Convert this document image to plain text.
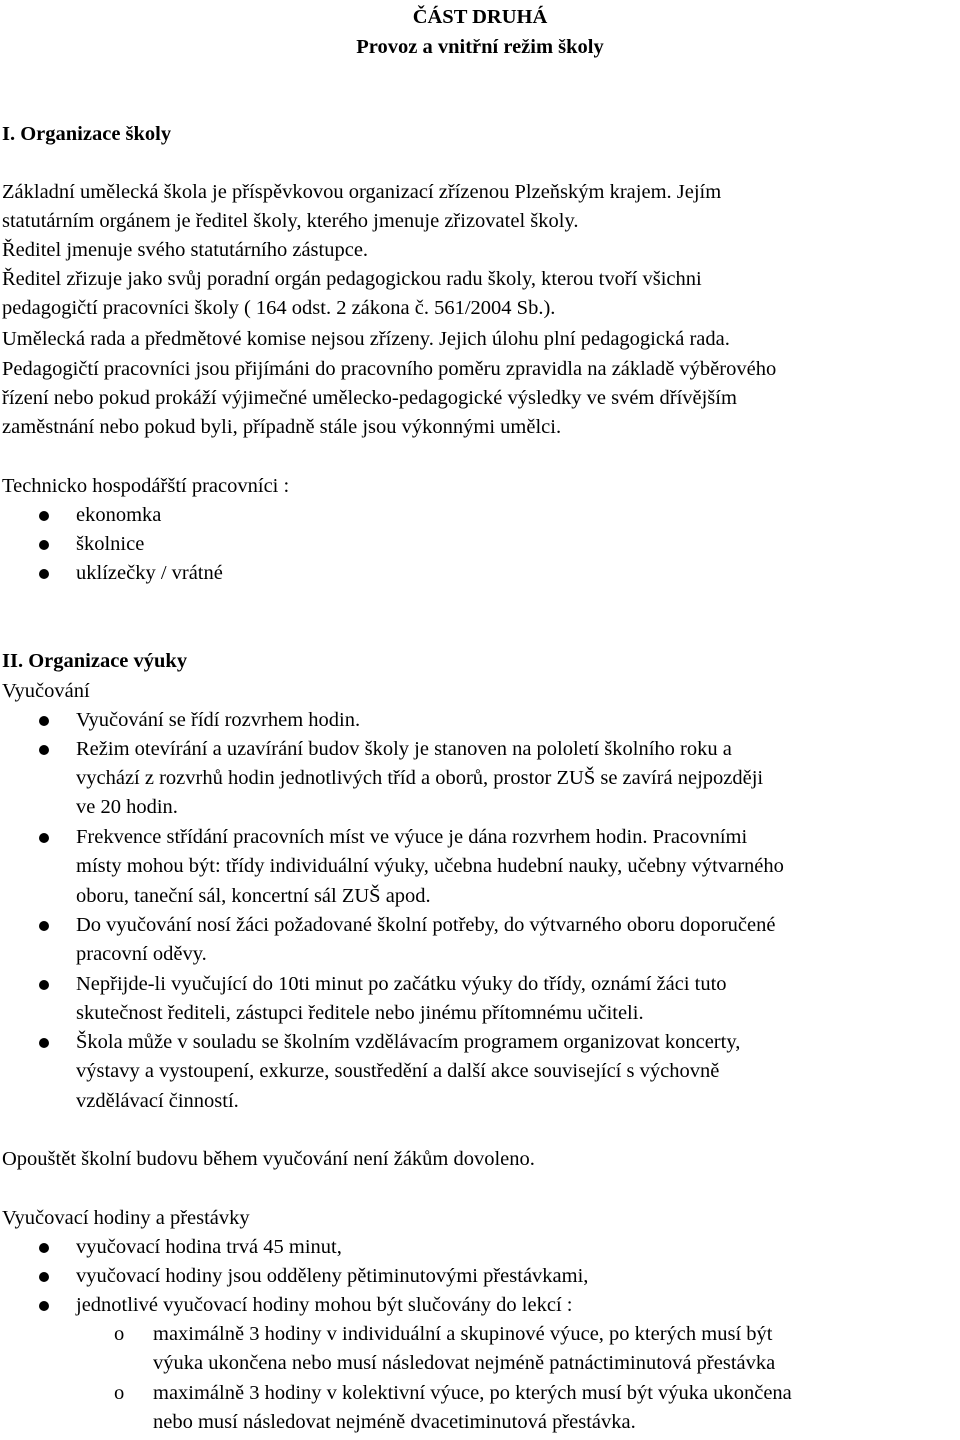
ČÁST DRUHÁ
Provoz a vnitřní režim školy
I. Organizace školy
Základní umělecká škola je příspěvkovou organizací zřízenou Plzeňským krajem. Jejím
statutárním orgánem je ředitel školy, kterého jmenuje zřizovatel školy.
Ředitel jmenuje svého statutárního zástupce.
Ředitel zřizuje jako svůj poradní orgán pedagogickou radu školy, kterou tvoří všichni
pedagogičtí pracovníci školy ( 164 odst. 2 zákona č. 561/2004 Sb.).
Umělecká rada a předmětové komise nejsou zřízeny. Jejich úlohu plní pedagogická rada.
Pedagogičtí pracovníci jsou přijímáni do pracovního poměru zpravidla na základě výběrového
řízení nebo pokud prokáží výjimečné umělecko-pedagogické výsledky ve svém dřívějším
zaměstnání nebo pokud byli, případně stále jsou výkonnými umělci.
Technicko hospodářští pracovníci :
ekonomka
školnice
uklízečky / vrátné
II. Organizace výuky
Vyučování
Vyučování se řídí rozvrhem hodin.
Režim otevírání a uzavírání budov školy je stanoven na pololetí školního roku a
vychází z rozvrhů hodin jednotlivých tříd a oborů, prostor ZUŠ se zavírá nejpozději
ve 20 hodin.
Frekvence střídání pracovních míst ve výuce je dána rozvrhem hodin. Pracovními
místy mohou být: třídy individuální výuky, učebna hudební nauky, učebny výtvarného
oboru, taneční sál, koncertní sál ZUŠ apod.
Do vyučování nosí žáci požadované školní potřeby, do výtvarného oboru doporučené
pracovní oděvy.
Nepřijde-li vyučující do 10ti minut po začátku výuky do třídy, oznámí žáci tuto
skutečnost řediteli, zástupci ředitele nebo jinému přítomnému učiteli.
Škola může v souladu se školním vzdělávacím programem organizovat koncerty,
výstavy a vystoupení, exkurze, soustředění a další akce související s výchovně
vzdělávací činností.
Opouštět školní budovu během vyučování není žákům dovoleno.
Vyučovací hodiny a přestávky
vyučovací hodina trvá 45 minut,
vyučovací hodiny jsou odděleny pětiminutovými přestávkami,
jednotlivé vyučovací hodiny mohou být slučovány do lekcí :
o maximálně 3 hodiny v individuální a skupinové výuce, po kterých musí být
výuka ukončena nebo musí následovat nejméně patnáctiminutová přestávka
o maximálně 3 hodiny v kolektivní výuce, po kterých musí být výuka ukončena
nebo musí následovat nejméně dvacetiminutová přestávka.
